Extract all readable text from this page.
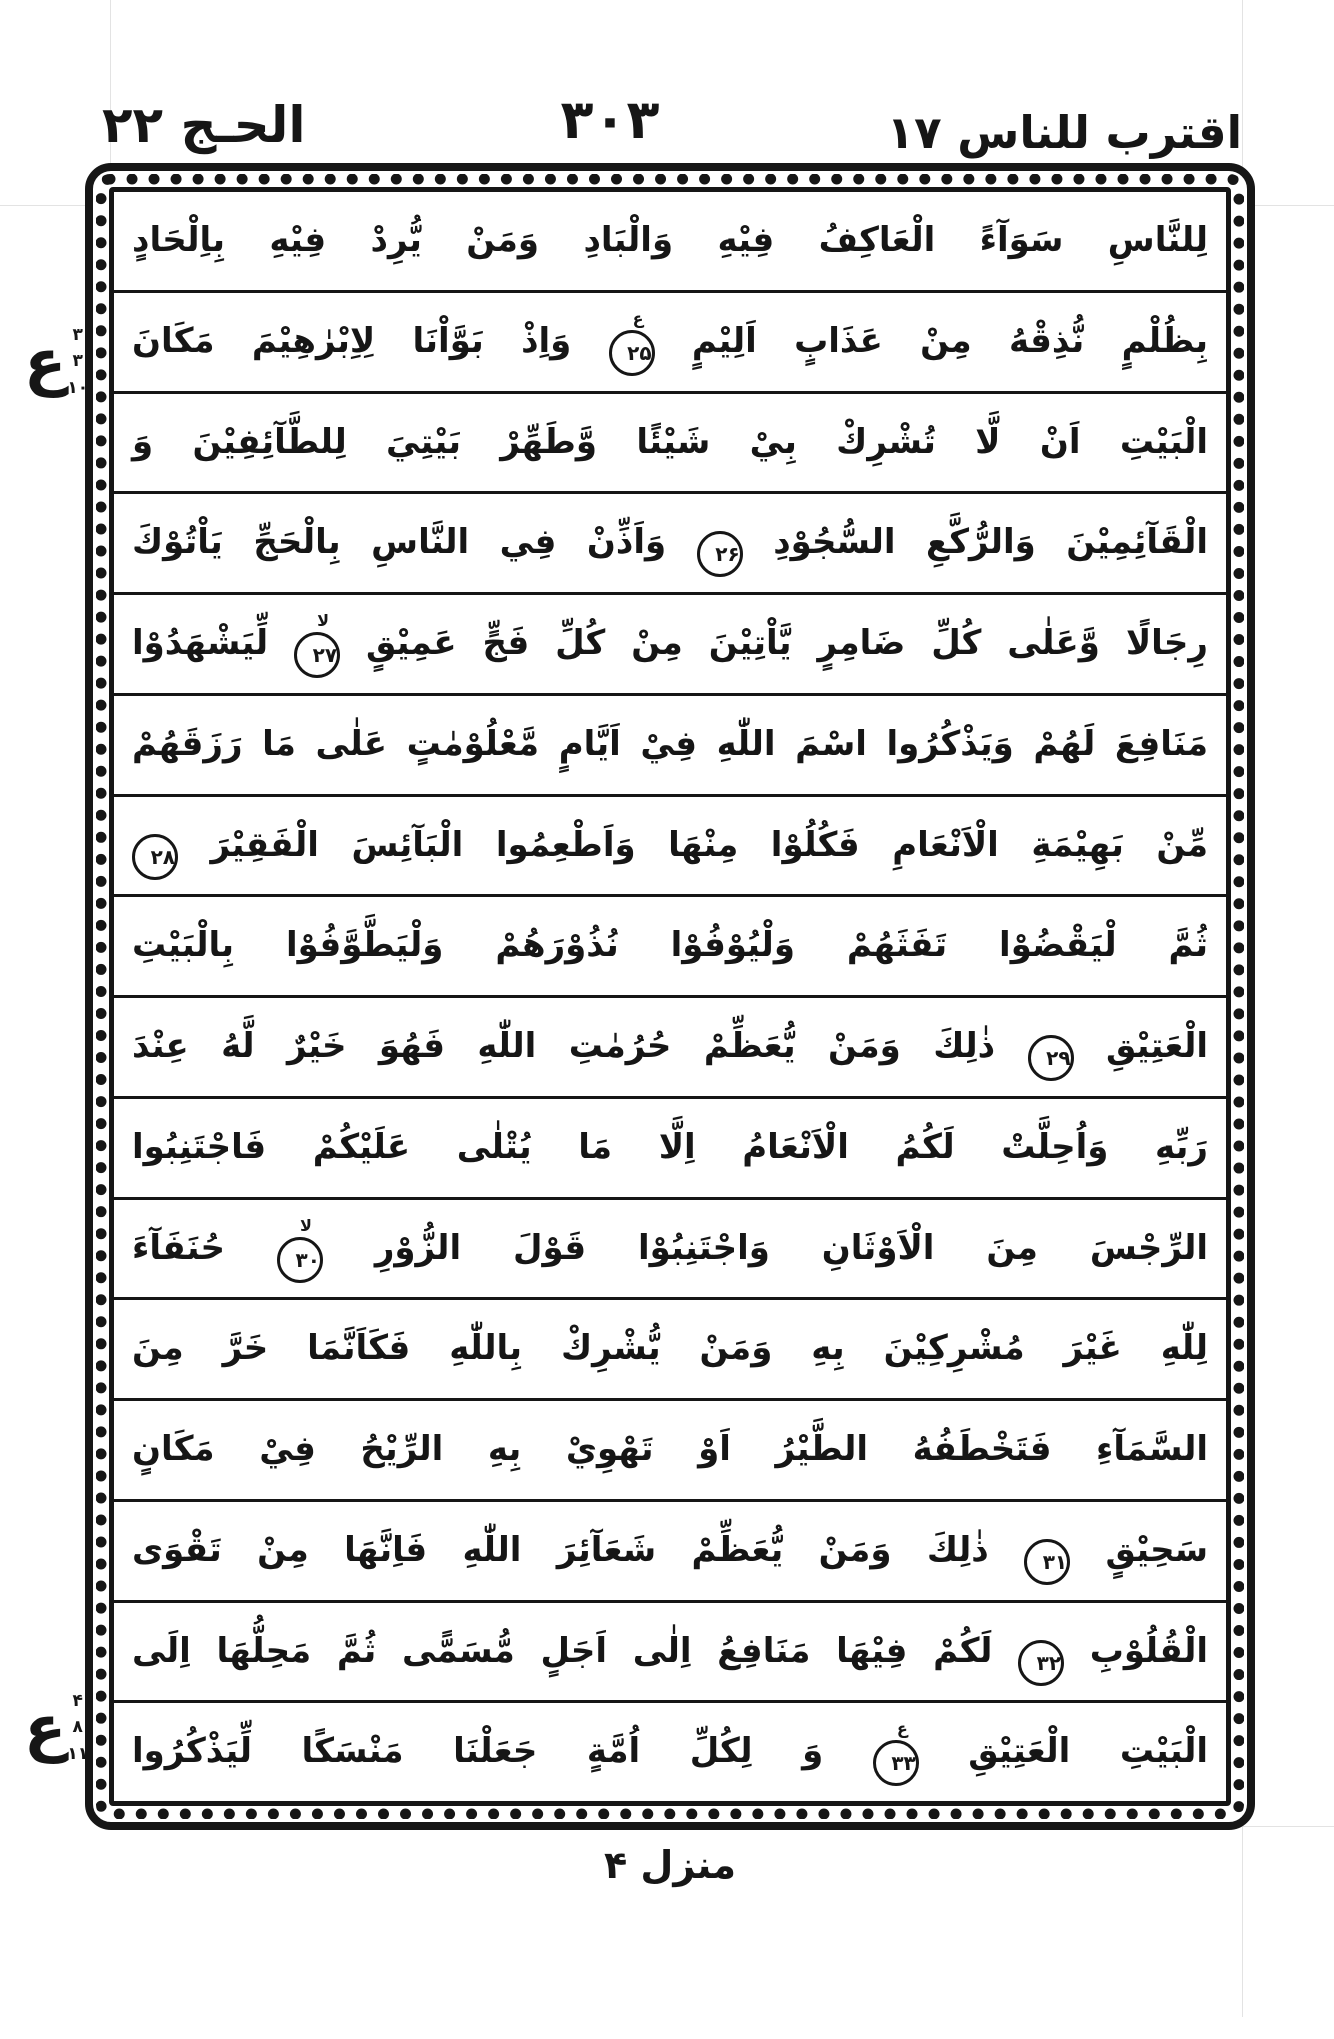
الحـج ۲۲	۳۰۳	اقترب للناس ۱۷
لِلنَّاسِ سَوَآءً الْعَاكِفُ فِيْهِ وَالْبَادِ وَمَنْ يُّرِدْ فِيْهِ بِاِلْحَادٍ
بِظُلْمٍ نُّذِقْهُ مِنْ عَذَابٍ اَلِيْمٍ
ع
۲۵ وَاِذْ بَوَّاْنَا لِاِبْرٰهِيْمَ مَكَانَ
الْبَيْتِ اَنْ لَّا تُشْرِكْ بِيْ شَيْئًا وَّطَهِّرْ بَيْتِيَ لِلطَّآئِفِيْنَ وَ
الْقَآئِمِيْنَ وَالرُّكَّعِ السُّجُوْدِ ۲۶ وَاَذِّنْ فِي النَّاسِ بِالْحَجِّ يَاْتُوْكَ
رِجَالًا وَّعَلٰى كُلِّ ضَامِرٍ يَّاْتِيْنَ مِنْ كُلِّ فَجٍّ عَمِيْقٍ
لا
۲۷ لِّيَشْهَدُوْا
مَنَافِعَ لَهُمْ وَيَذْكُرُوا اسْمَ اللّٰهِ فِيْ اَيَّامٍ مَّعْلُوْمٰتٍ عَلٰى مَا رَزَقَهُمْ
مِّنْ بَهِيْمَةِ الْاَنْعَامِ فَكُلُوْا مِنْهَا وَاَطْعِمُوا الْبَآئِسَ الْفَقِيْرَ ۲۸
ثُمَّ لْيَقْضُوْا تَفَثَهُمْ وَلْيُوْفُوْا نُذُوْرَهُمْ وَلْيَطَّوَّفُوْا بِالْبَيْتِ
الْعَتِيْقِ ۲۹ ذٰلِكَ وَمَنْ يُّعَظِّمْ حُرُمٰتِ اللّٰهِ فَهُوَ خَيْرٌ لَّهُ عِنْدَ
رَبِّهِ وَاُحِلَّتْ لَكُمُ الْاَنْعَامُ اِلَّا مَا يُتْلٰى عَلَيْكُمْ فَاجْتَنِبُوا
الرِّجْسَ مِنَ الْاَوْثَانِ وَاجْتَنِبُوْا قَوْلَ الزُّوْرِ
لا
۳۰ حُنَفَآءَ
لِلّٰهِ غَيْرَ مُشْرِكِيْنَ بِهِ وَمَنْ يُّشْرِكْ بِاللّٰهِ فَكَاَنَّمَا خَرَّ مِنَ
السَّمَآءِ فَتَخْطَفُهُ الطَّيْرُ اَوْ تَهْوِيْ بِهِ الرِّيْحُ فِيْ مَكَانٍ
سَحِيْقٍ ۳۱ ذٰلِكَ وَمَنْ يُّعَظِّمْ شَعَآئِرَ اللّٰهِ فَاِنَّهَا مِنْ تَقْوَى
الْقُلُوْبِ ۳۲ لَكُمْ فِيْهَا مَنَافِعُ اِلٰى اَجَلٍ مُّسَمًّى ثُمَّ مَحِلُّهَا اِلَى
الْبَيْتِ الْعَتِيْقِ
ع
۳۳ وَ لِكُلِّ اُمَّةٍ جَعَلْنَا مَنْسَكًا لِّيَذْكُرُوا
ع ۳
۳
۱۰
ع ۴
۸
۱۱
منزل ۴
